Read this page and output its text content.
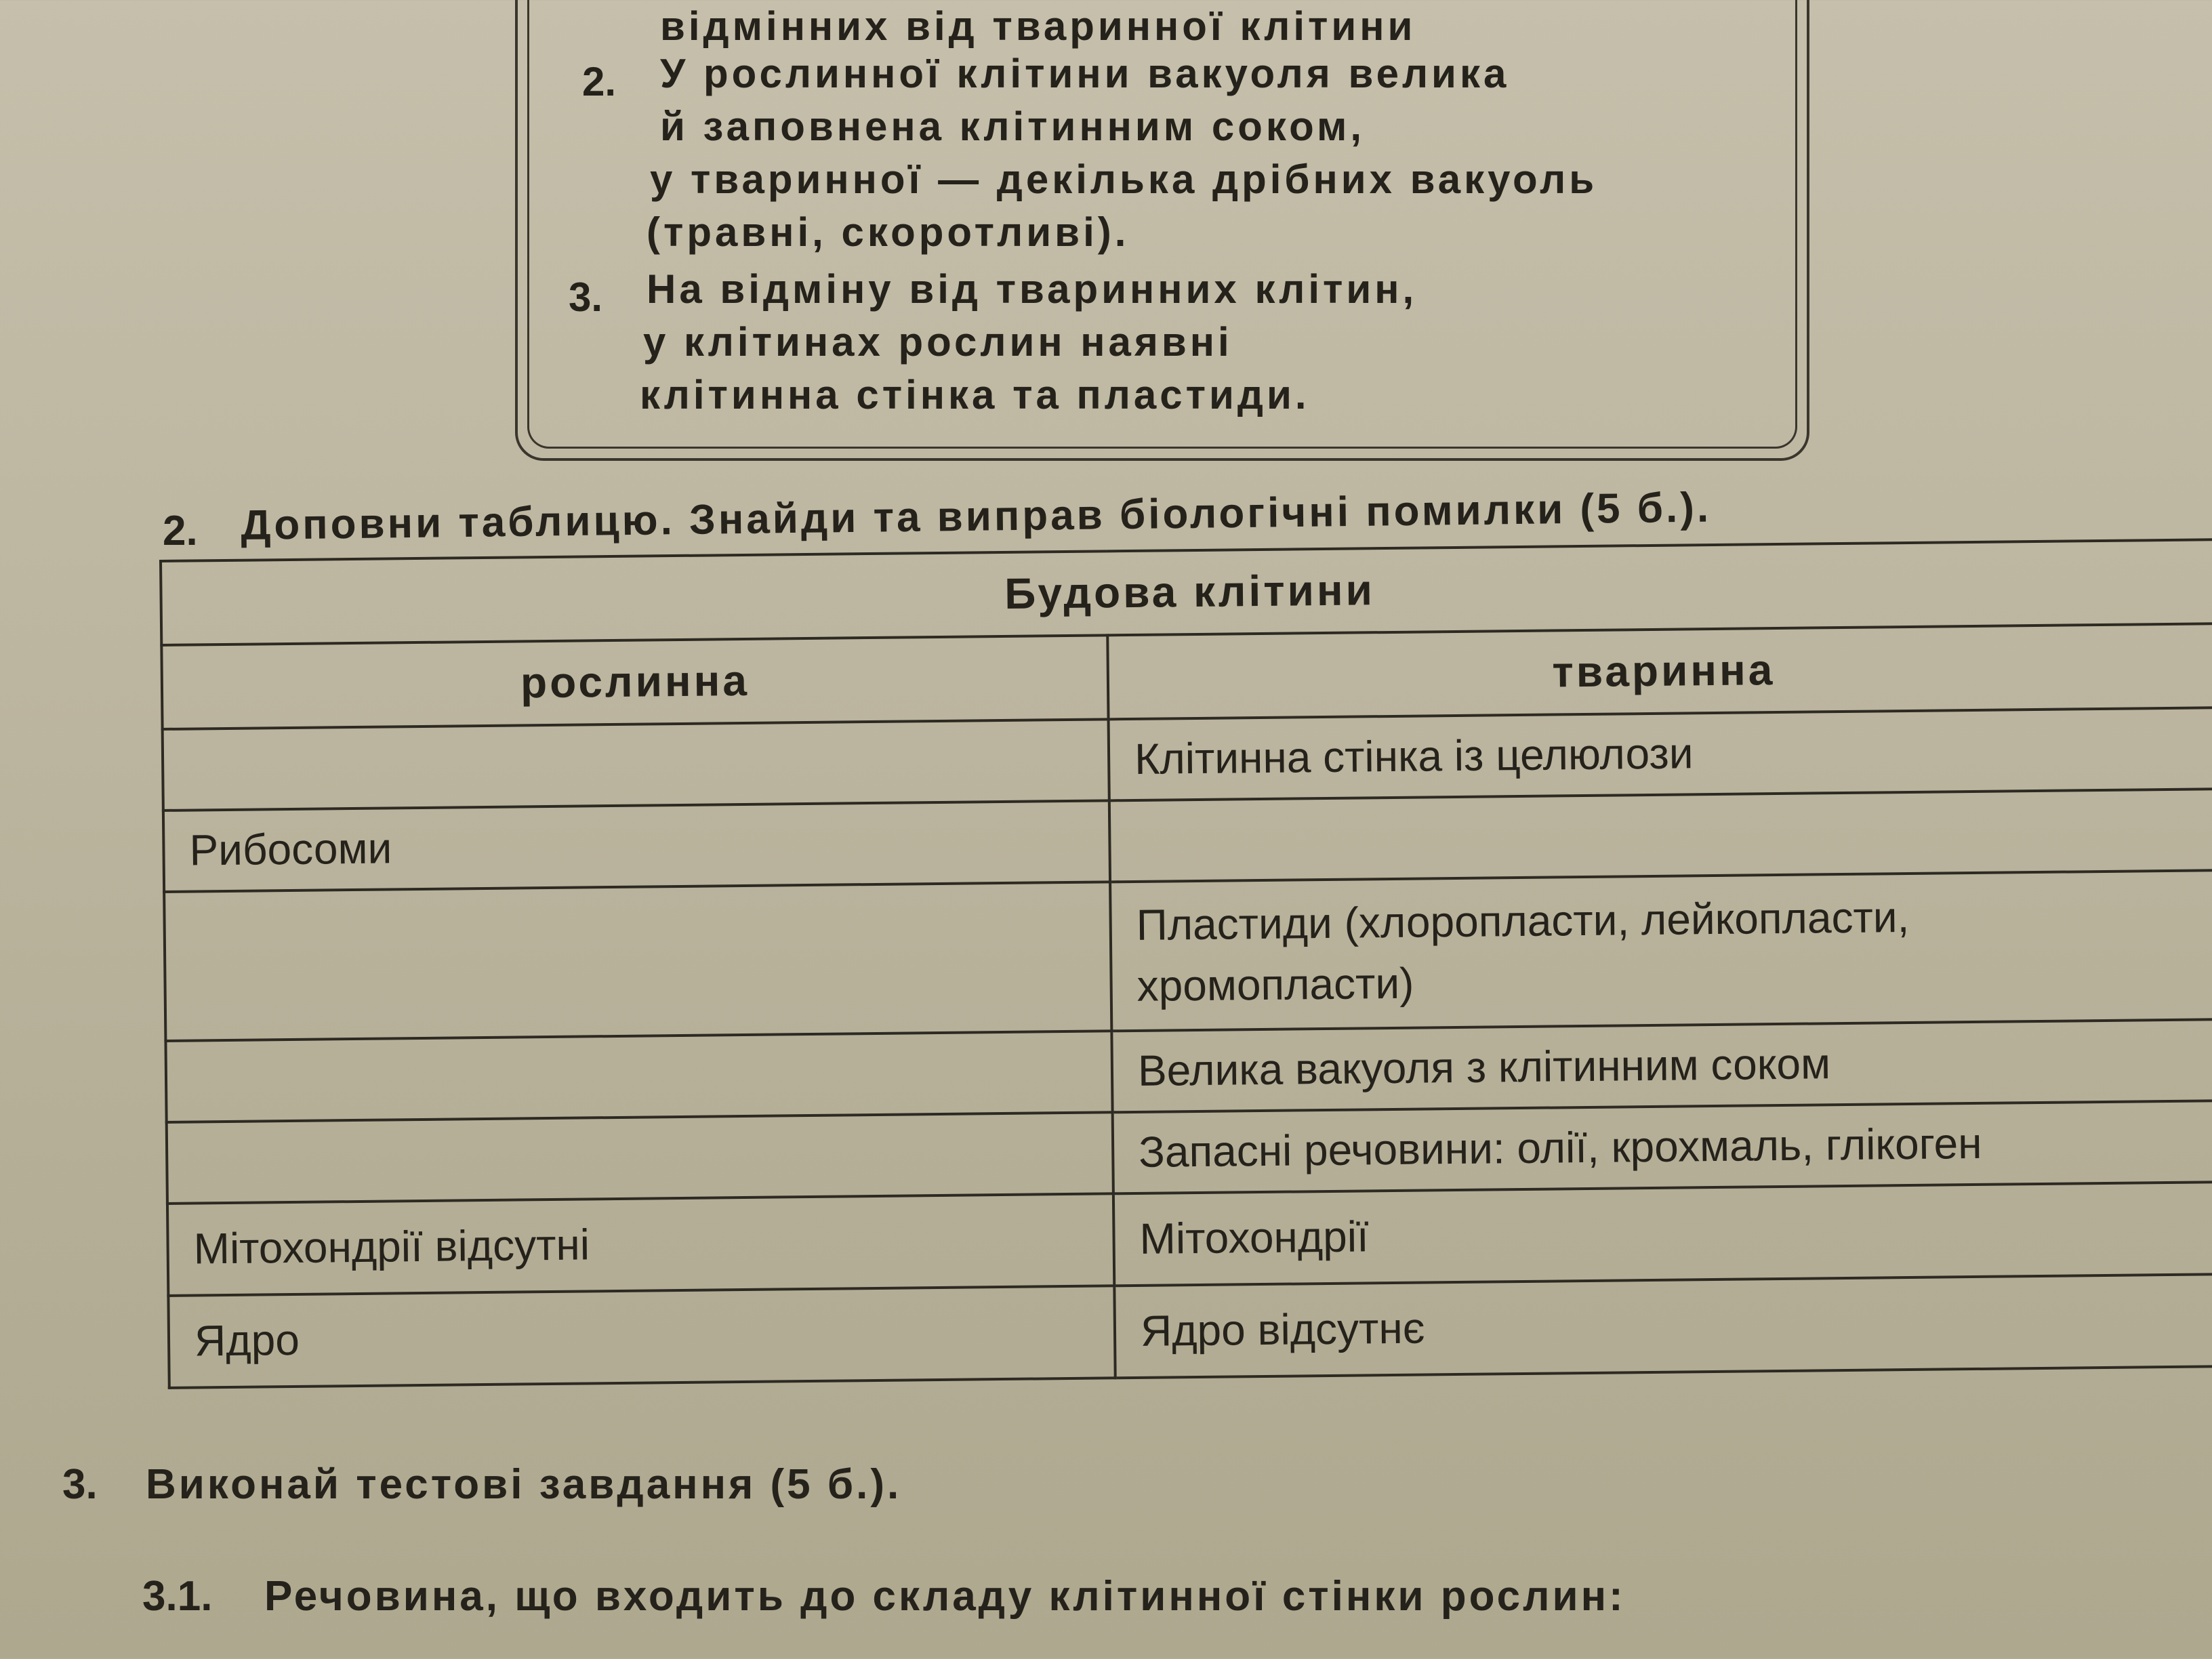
відмінних від тваринної клітини
2. У рослинної клітини вакуоля велика
й заповнена клітинним соком,
у тваринної — декілька дрібних вакуоль
(травні, скоротливі).
3. На відміну від тваринних клітин,
у клітинах рослин наявні
клітинна стінка та пластиди.
2. Доповни таблицю. Знайди та виправ біологічні помилки (5 б.).
Будова клітини	
рослинна	тваринна
	Клітинна стінка із целюлози
Рибосоми	
	Пластиди (хлоропласти, лейкопласти, хромопласти)
	Велика вакуоля з клітинним соком
	Запасні речовини: олії, крохмаль, глікоген
Мітохондрії відсутні	Мітохондрії
Ядро	Ядро відсутнє
3. Виконай тестові завдання (5 б.).
3.1. Речовина, що входить до складу клітинної стінки рослин:
